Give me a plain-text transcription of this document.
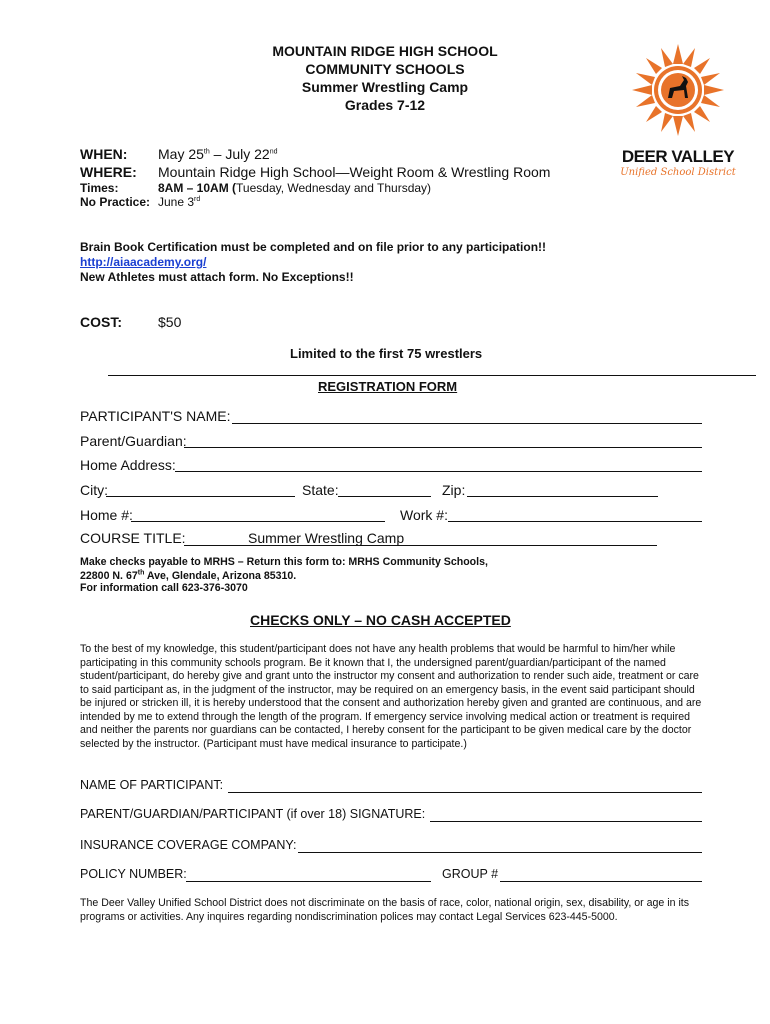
MOUNTAIN RIDGE HIGH SCHOOL
COMMUNITY SCHOOLS
Summer Wrestling Camp
Grades 7-12
DEER VALLEY
Unified School District
WHEN: May 25th – July 22nd
WHERE: Mountain Ridge High School—Weight Room & Wrestling Room
Times:	8AM – 10AM (Tuesday, Wednesday and Thursday)
No Practice: June 3rd
Brain Book Certification must be completed and on file prior to any participation!!
http://aiaacademy.org/
New Athletes must attach form. No Exceptions!!
COST:	$50
Limited to the first 75 wrestlers
REGISTRATION FORM
PARTICIPANT'S NAME:
Parent/Guardian:
Home Address:
City:	State:	Zip:
Home #:	Work #:
COURSE TITLE:	Summer Wrestling Camp
Make checks payable to MRHS – Return this form to: MRHS Community Schools,
22800 N. 67th Ave, Glendale, Arizona 85310.
For information call 623-376-3070
CHECKS ONLY – NO CASH ACCEPTED
To the best of my knowledge, this student/participant does not have any health problems that would be harmful to him/her while participating in this community schools program. Be it known that I, the undersigned parent/guardian/participant of the named student/participant, do hereby give and grant unto the instructor my consent and authorization to render such aide, treatment or care to said participant as, in the judgment of the instructor, may be required on an emergency basis, in the event said participant should be injured or stricken ill, it is hereby understood that the consent and authorization hereby given and granted are continuous, and are intended by me to extend through the length of the program. If emergency service involving medical action or treatment is required and neither the parents nor guardians can be contacted, I hereby consent for the participant to be given medical care by the doctor selected by the instructor. (Participant must have medical insurance to participate.)
NAME OF PARTICIPANT:
PARENT/GUARDIAN/PARTICIPANT (if over 18) SIGNATURE:
INSURANCE COVERAGE COMPANY:
POLICY NUMBER:	GROUP #
The Deer Valley Unified School District does not discriminate on the basis of race, color, national origin, sex, disability, or age in its programs or activities. Any inquires regarding nondiscrimination polices may contact Legal Services 623-445-5000.
